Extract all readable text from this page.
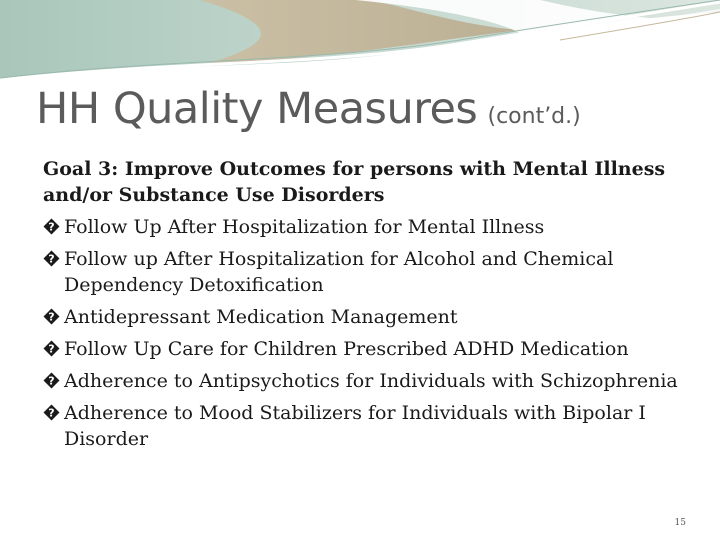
HH Quality Measures (cont’d.)

Goal 3: Improve Outcomes for persons with Mental Illness and/or Substance Use Disorders

? Follow Up After Hospitalization for Mental Illness
? Follow up After Hospitalization for Alcohol and Chemical Dependency Detoxification
? Antidepressant Medication Management
? Follow Up Care for Children Prescribed ADHD Medication
? Adherence to Antipsychotics for Individuals with Schizophrenia
? Adherence to Mood Stabilizers for Individuals with Bipolar I Disorder
15
